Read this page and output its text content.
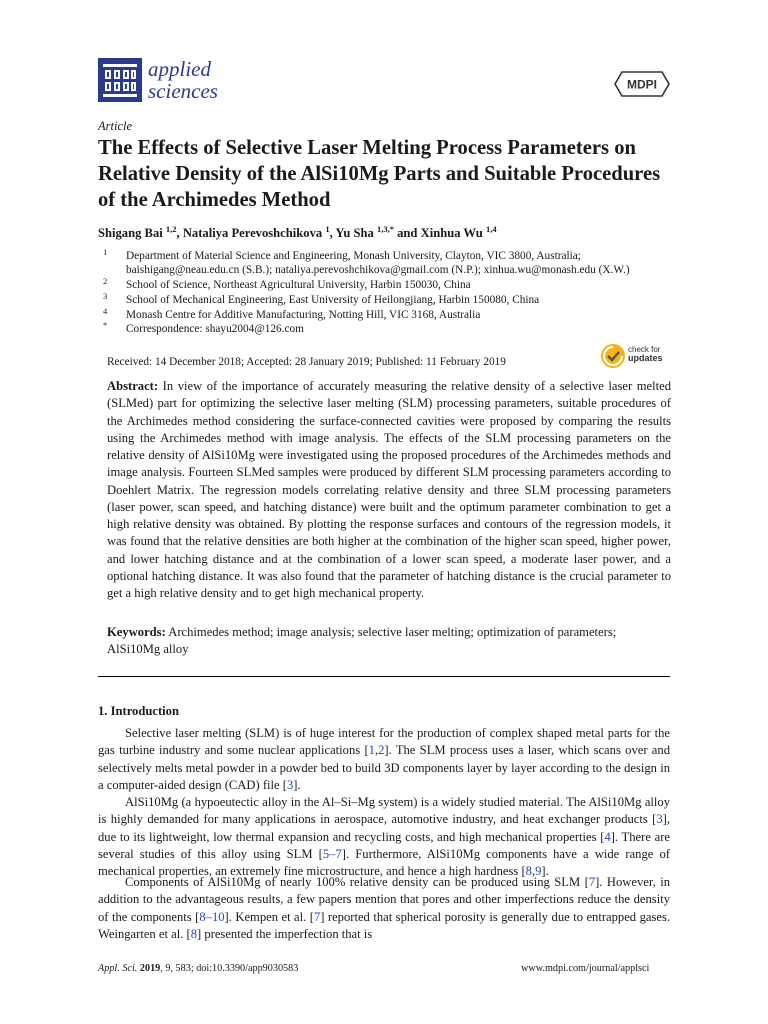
applied
sciences	MDPI
Article
The Effects of Selective Laser Melting Process Parameters on Relative Density of the AlSi10Mg Parts and Suitable Procedures of the Archimedes Method
Shigang Bai $^{1,2}$, Nataliya Perevoshchikova $^1$, Yu Sha $^{1,3,*}$ and Xinhua Wu $^{1,4}$
1 Department of Material Science and Engineering, Monash University, Clayton, VIC 3800, Australia;
baishigang@neau.edu.cn (S.B.); nataliya.perevoshchikova@gmail.com (N.P.); xinhua.wu@monash.edu (X.W.)
2 School of Science, Northeast Agricultural University, Harbin 150030, China
3 School of Mechanical Engineering, East University of Heilongjiang, Harbin 150080, China
4 Monash Centre for Additive Manufacturing, Notting Hill, VIC 3168, Australia
* Correspondence: shayu2004@126.com
Received: 14 December 2018; Accepted: 28 January 2019; Published: 11 February 2019
check for
updates

Abstract: In view of the importance of accurately measuring the relative density of a selective laser melted (SLMed) part for optimizing the selective laser melting (SLM) processing parameters, suitable procedures of the Archimedes method considering the surface-connected cavities were proposed by comparing the results using the Archimedes method with image analysis. The effects of the SLM processing parameters on the relative density of AlSi10Mg were investigated using the proposed procedures of the Archimedes methods and image analysis. Fourteen SLMed samples were produced by different SLM processing parameters according to Doehlert Matrix. The regression models correlating relative density and three SLM processing parameters (laser power, scan speed, and hatching distance) were built and the optimum parameter combination to get a high relative density was obtained. By plotting the response surfaces and contours of the regression models, it was found that the relative densities are both higher at the combination of the higher scan speed, higher power, and lower hatching distance and at the combination of a lower scan speed, a moderate laser power, and a optional hatching distance. It was also found that the parameter of hatching distance is the crucial parameter to get a high relative density and to get high mechanical property.

Keywords: Archimedes method; image analysis; selective laser melting; optimization of parameters; AlSi10Mg alloy

1. Introduction

Selective laser melting (SLM) is of huge interest for the production of complex shaped metal parts for the gas turbine industry and some nuclear applications [1,2]. The SLM process uses a laser, which scans over and selectively melts metal powder in a powder bed to build 3D components layer by layer according to the design in a computer-aided design (CAD) file [3].

AlSi10Mg (a hypoeutectic alloy in the Al–Si–Mg system) is a widely studied material. The AlSi10Mg alloy is highly demanded for many applications in aerospace, automotive industry, and heat exchanger products [3], due to its lightweight, low thermal expansion and recycling costs, and high mechanical properties [4]. There are several studies of this alloy using SLM [5–7]. Furthermore, AlSi10Mg components have a wide range of mechanical properties, an extremely fine microstructure, and hence a high hardness [8,9].

Components of AlSi10Mg of nearly 100% relative density can be produced using SLM [7]. However, in addition to the advantageous results, a few papers mention that pores and other imperfections reduce the density of the components [8–10]. Kempen et al. [7] reported that spherical porosity is generally due to entrapped gases. Weingarten et al. [8] presented the imperfection that is

Appl. Sci. 2019, 9, 583; doi:10.3390/app9030583	www.mdpi.com/journal/applsci
